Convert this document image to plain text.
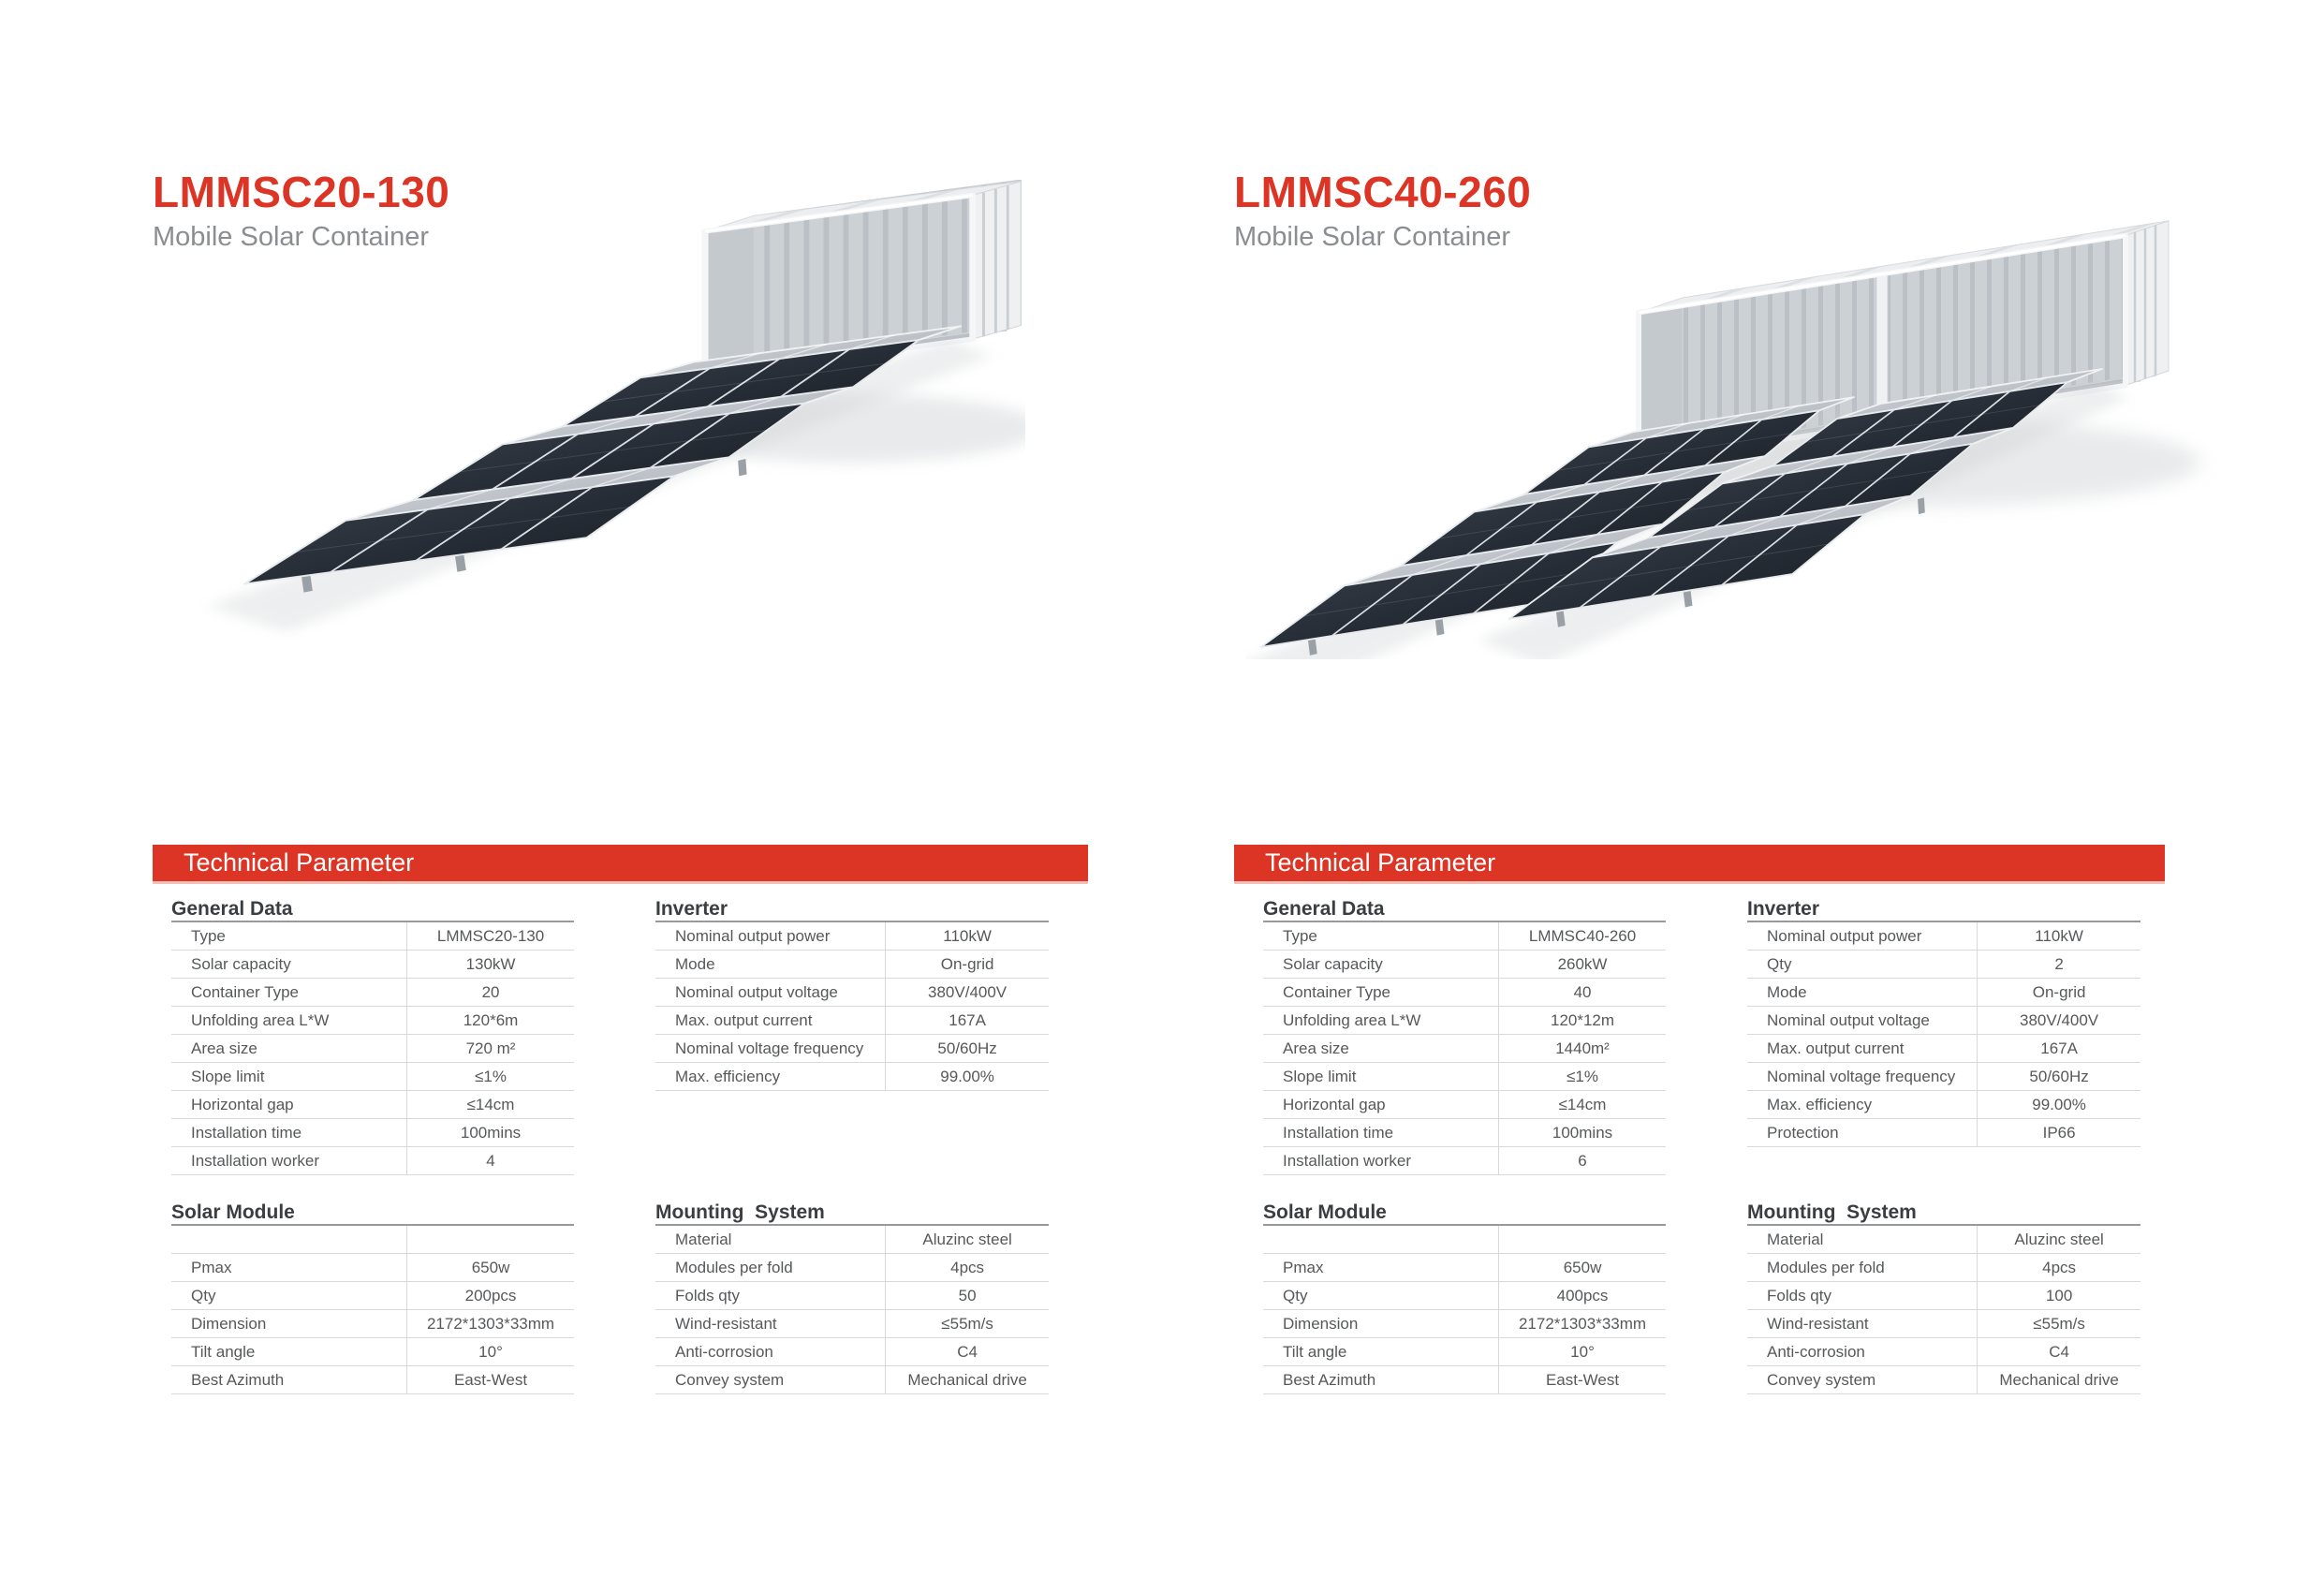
LMMSC20-130
Mobile Solar Container
Technical Parameter
General Data
Type	LMMSC20-130
Solar capacity	130kW
Container Type	20
Unfolding area L*W	120*6m
Area size	720 m²
Slope limit	≤1%
Horizontal gap	≤14cm
Installation time	100mins
Installation worker	4
Inverter
Nominal output power	110kW
Mode	On-grid
Nominal output voltage	380V/400V
Max. output current	167A
Nominal voltage frequency	50/60Hz
Max. efficiency	99.00%
Solar Module

Pmax	650w
Qty	200pcs
Dimension	2172*1303*33mm
Tilt angle	10°
Best Azimuth	East-West
Mounting  System
Material	Aluzinc steel
Modules per fold	4pcs
Folds qty	50
Wind-resistant	≤55m/s
Anti-corrosion	C4
Convey system	Mechanical drive
LMMSC40-260
Mobile Solar Container
Technical Parameter
General Data
Type	LMMSC40-260
Solar capacity	260kW
Container Type	40
Unfolding area L*W	120*12m
Area size	1440m²
Slope limit	≤1%
Horizontal gap	≤14cm
Installation time	100mins
Installation worker	6
Inverter
Nominal output power	110kW
Qty	2
Mode	On-grid
Nominal output voltage	380V/400V
Max. output current	167A
Nominal voltage frequency	50/60Hz
Max. efficiency	99.00%
Protection	IP66
Solar Module

Pmax	650w
Qty	400pcs
Dimension	2172*1303*33mm
Tilt angle	10°
Best Azimuth	East-West
Mounting  System
Material	Aluzinc steel
Modules per fold	4pcs
Folds qty	100
Wind-resistant	≤55m/s
Anti-corrosion	C4
Convey system	Mechanical drive
